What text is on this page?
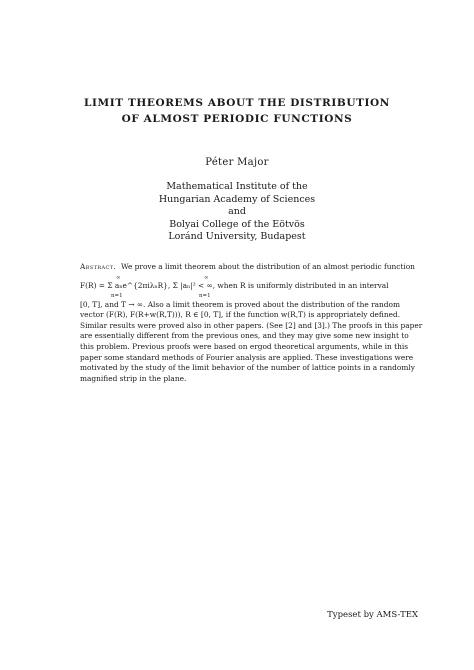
LIMIT THEOREMS ABOUT THE DISTRIBUTION
OF ALMOST PERIODIC FUNCTIONS
Péter Major
Mathematical Institute of the
Hungarian Academy of Sciences
and
Bolyai College of the Eötvös
Loránd University, Budapest
Abstract. We prove a limit theorem about the distribution of an almost periodic function
∞	∞
F(R) = Σ aₙe^{2πiλₙR}, Σ |aₙ|² < ∞, when R is uniformly distributed in an interval
n=1	n=1
[0, T], and T → ∞. Also a limit theorem is proved about the distribution of the random
vector (F(R), F(R+w(R,T))), R ∈ [0, T], if the function w(R,T) is appropriately defined.
Similar results were proved also in other papers. (See [2] and [3].) The proofs in this paper
are essentially different from the previous ones, and they may give some new insight to
this problem. Previous proofs were based on ergod theoretical arguments, while in this
paper some standard methods of Fourier analysis are applied. These investigations were
motivated by the study of the limit behavior of the number of lattice points in a randomly
magnified strip in the plane.
Typeset by AMS-TEX
